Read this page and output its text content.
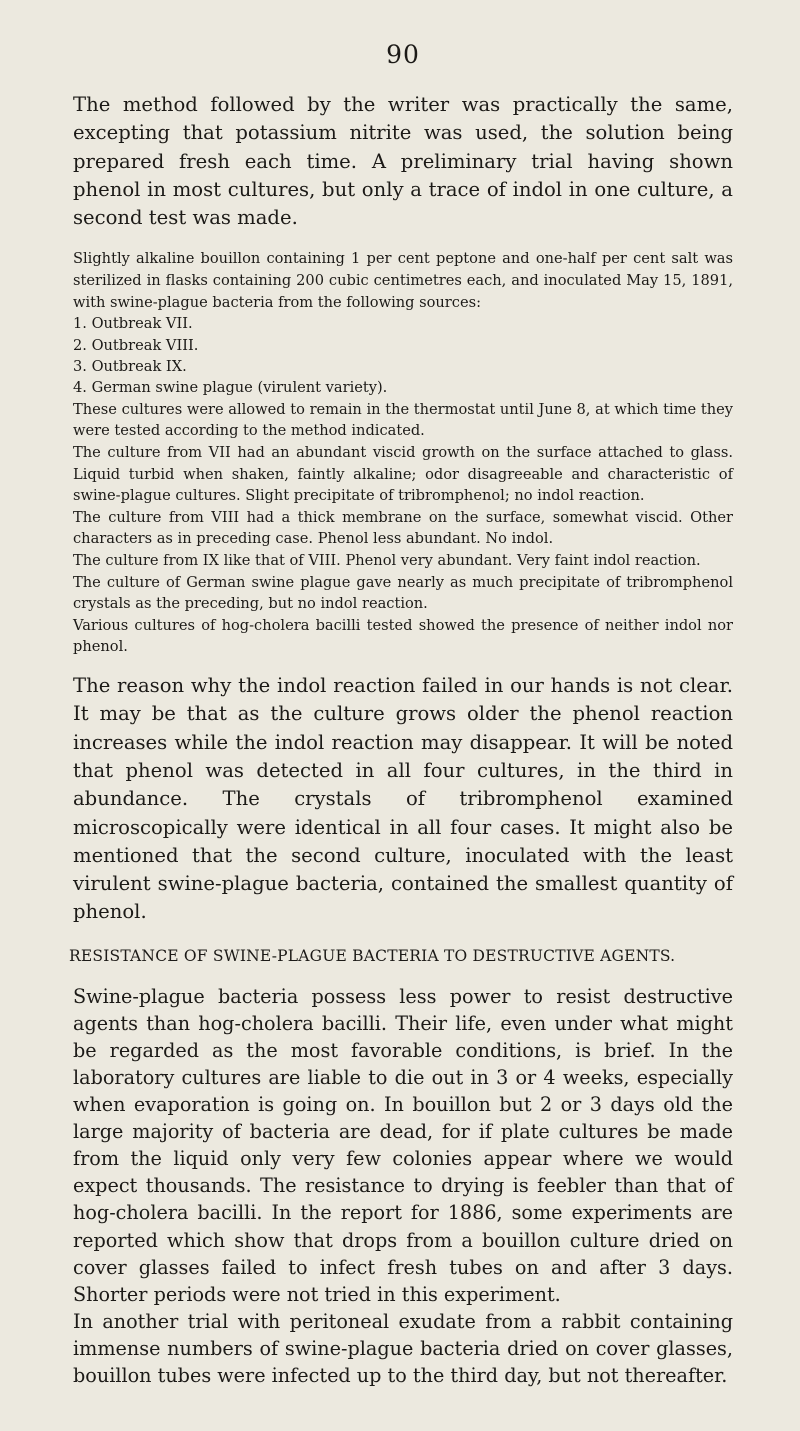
90

The method followed by the writer was practically the same, excepting that potassium nitrite was used, the solution being prepared fresh each time. A preliminary trial having shown phenol in most cultures, but only a trace of indol in one culture, a second test was made.

Slightly alkaline bouillon containing 1 per cent peptone and one-half per cent salt was sterilized in flasks containing 200 cubic centimetres each, and inoculated May 15, 1891, with swine-plague bacteria from the following sources:

1. Outbreak VII.
2. Outbreak VIII.
3. Outbreak IX.
4. German swine plague (virulent variety).

These cultures were allowed to remain in the thermostat until June 8, at which time they were tested according to the method indicated.

The culture from VII had an abundant viscid growth on the surface attached to glass. Liquid turbid when shaken, faintly alkaline; odor disagreeable and characteristic of swine-plague cultures. Slight precipitate of tribromphenol; no indol reaction.

The culture from VIII had a thick membrane on the surface, somewhat viscid. Other characters as in preceding case. Phenol less abundant. No indol.

The culture from IX like that of VIII. Phenol very abundant. Very faint indol reaction.

The culture of German swine plague gave nearly as much precipitate of tribromphenol crystals as the preceding, but no indol reaction.

Various cultures of hog-cholera bacilli tested showed the presence of neither indol nor phenol.

The reason why the indol reaction failed in our hands is not clear. It may be that as the culture grows older the phenol reaction increases while the indol reaction may disappear. It will be noted that phenol was detected in all four cultures, in the third in abundance. The crystals of tribromphenol examined microscopically were identical in all four cases. It might also be mentioned that the second culture, inoculated with the least virulent swine-plague bacteria, contained the smallest quantity of phenol.

RESISTANCE OF SWINE-PLAGUE BACTERIA TO DESTRUCTIVE AGENTS.

Swine-plague bacteria possess less power to resist destructive agents than hog-cholera bacilli. Their life, even under what might be regarded as the most favorable conditions, is brief. In the laboratory cultures are liable to die out in 3 or 4 weeks, especially when evaporation is going on. In bouillon but 2 or 3 days old the large majority of bacteria are dead, for if plate cultures be made from the liquid only very few colonies appear where we would expect thousands. The resistance to drying is feebler than that of hog-cholera bacilli. In the report for 1886, some experiments are reported which show that drops from a bouillon culture dried on cover glasses failed to infect fresh tubes on and after 3 days. Shorter periods were not tried in this experiment.

In another trial with peritoneal exudate from a rabbit containing immense numbers of swine-plague bacteria dried on cover glasses, bouillon tubes were infected up to the third day, but not thereafter.
